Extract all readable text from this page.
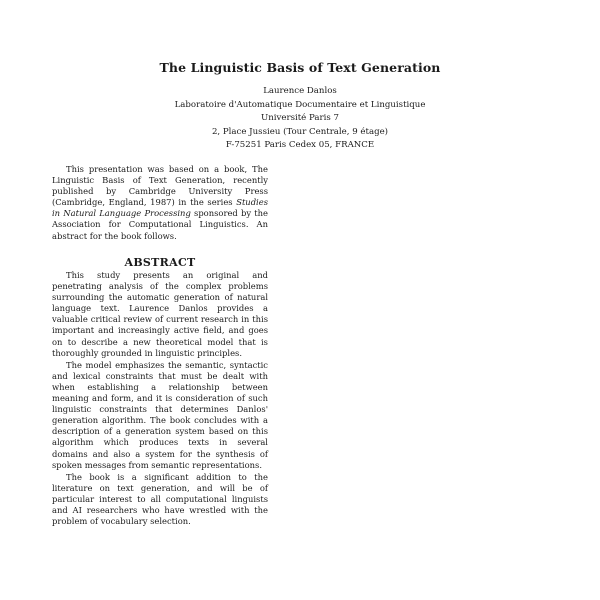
The Linguistic Basis of Text Generation
Laurence Danlos
Laboratoire d'Automatique Documentaire et Linguistique
Université Paris 7
2, Place Jussieu (Tour Centrale, 9 étage)
F-75251 Paris Cedex 05, FRANCE

This presentation was based on a book, The Linguistic Basis of Text Generation, recently published by Cambridge University Press (Cambridge, England, 1987) in the series Studies in Natural Language Processing sponsored by the Association for Computational Linguistics. An abstract for the book follows.

ABSTRACT

This study presents an original and penetrating analysis of the complex problems surrounding the automatic generation of natural language text. Laurence Danlos provides a valuable critical review of current research in this important and increasingly active field, and goes on to describe a new theoretical model that is thoroughly grounded in linguistic principles.

The model emphasizes the semantic, syntactic and lexical constraints that must be dealt with when establishing a relationship between meaning and form, and it is consideration of such linguistic constraints that determines Danlos' generation algorithm. The book concludes with a description of a generation system based on this algorithm which produces texts in several domains and also a system for the synthesis of spoken messages from semantic representations.

The book is a significant addition to the literature on text generation, and will be of particular interest to all computational linguists and AI researchers who have wrestled with the problem of vocabulary selection.
